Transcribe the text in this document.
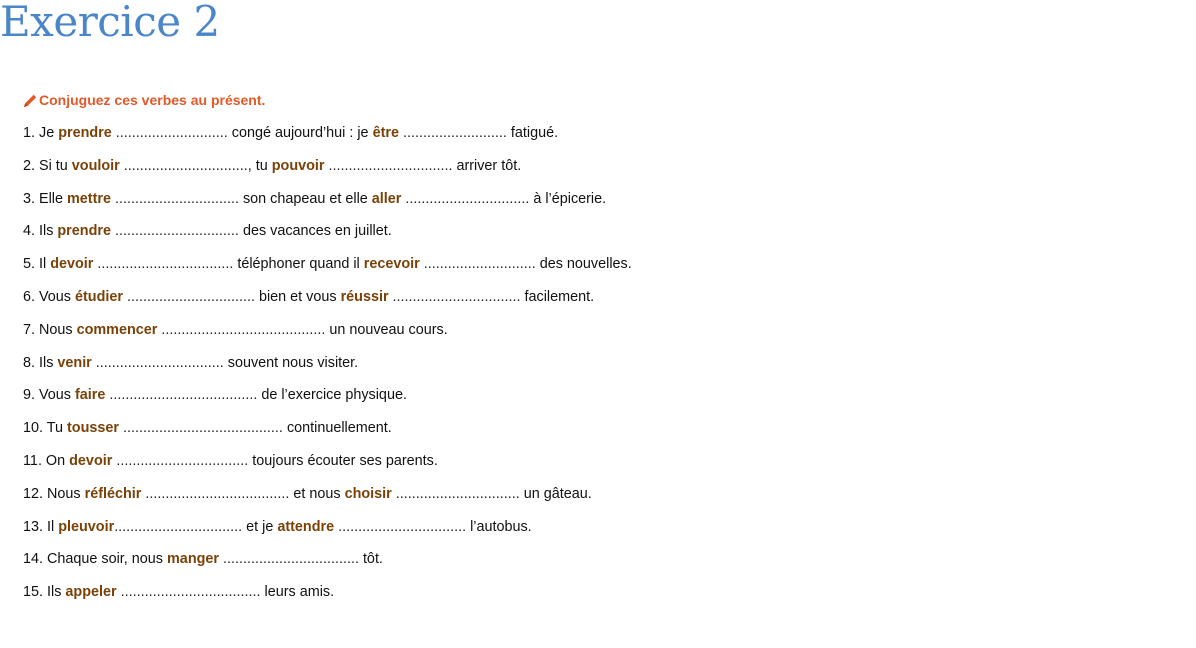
Exercice 2
Conjuguez ces verbes au présent.
1. Je prendre ............................ congé aujourd’hui : je être .......................... fatigué.
2. Si tu vouloir ..............................., tu pouvoir ............................... arriver tôt.
3. Elle mettre ............................... son chapeau et elle aller ............................... à l’épicerie.
4. Ils prendre ............................... des vacances en juillet.
5. Il devoir .................................. téléphoner quand il recevoir ............................ des nouvelles.
6. Vous étudier ................................ bien et vous réussir ................................ facilement.
7. Nous commencer ......................................... un nouveau cours.
8. Ils venir ................................ souvent nous visiter.
9. Vous faire ..................................... de l’exercice physique.
10. Tu tousser ........................................ continuellement.
11. On devoir ................................. toujours écouter ses parents.
12. Nous réfléchir .................................... et nous choisir ............................... un gâteau.
13. Il pleuvoir................................ et je attendre ................................ l’autobus.
14. Chaque soir, nous manger .................................. tôt.
15. Ils appeler ................................... leurs amis.
